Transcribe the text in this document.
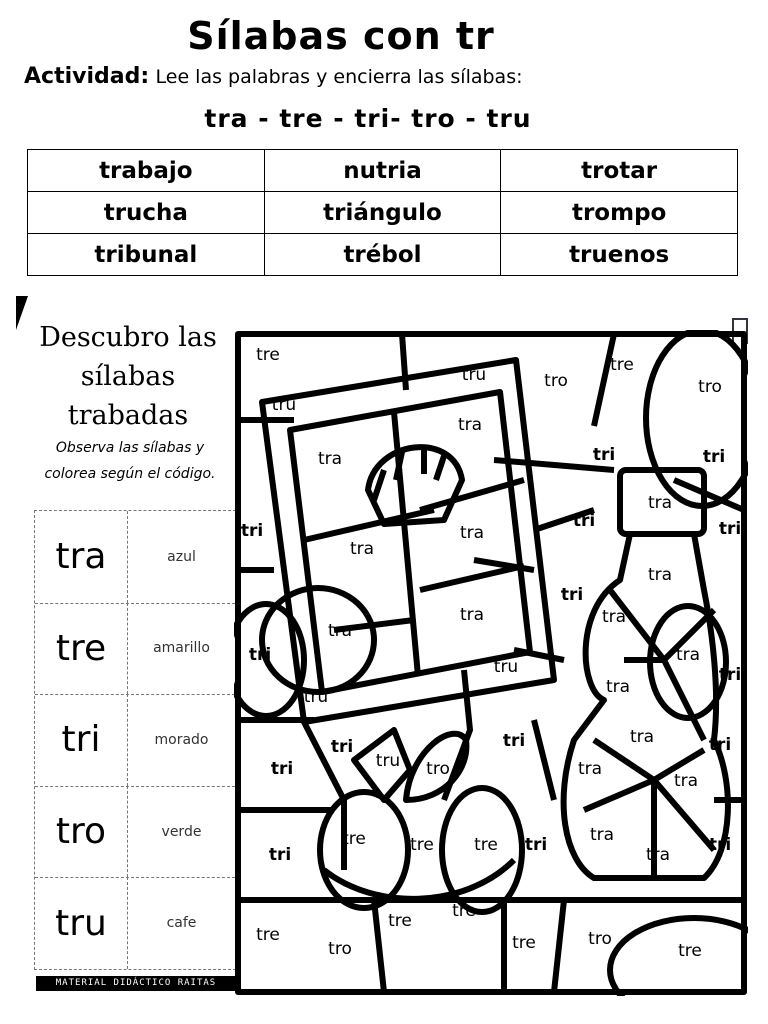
Sílabas con tr
Actividad: Lee las palabras y encierra las sílabas:
tra - tre - tri- tro - tru
trabajo	nutria	trotar
trucha	triángulo	trompo
tribunal	trébol	truenos
Descubro las
sílabas trabadas
Observa las sílabas y
colorea según el código.
tra	azul
tre	amarillo
tri	morado
tro	verde
tru	cafe
MATERIAL DIDÁCTICO RAITAS
tre
tru
tru	tro
tre
tro
tra
tra	tri	tri
tra
tri
tra
tra
tri	tri
tra
tri
tra
tra
tra
tri	tra
tri
tru
tru	tra
tra
tri
tru tro
tri
tri
tri
tra
tra
tra
tra
tre	tre tre tri
tri	tri
tre
tro
tre tre
tre	tro
tre
